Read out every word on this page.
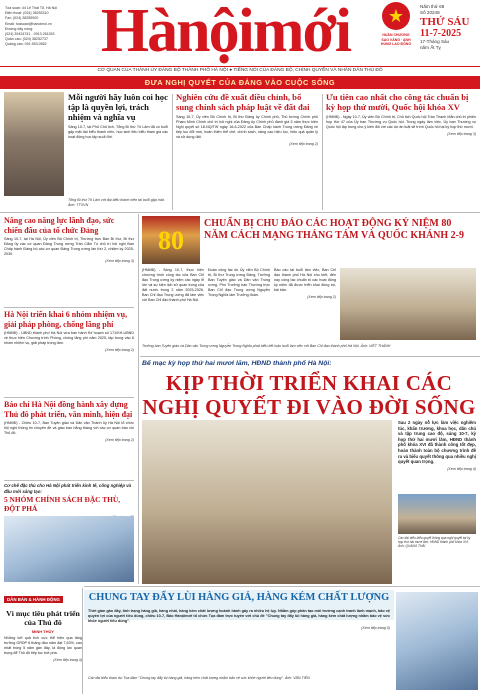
Tòa soạn: 44 Lê Thái Tổ, Hà Nội
Điện thoại: (024) 38253310
Fax: (024) 38255920
Email: toasoan@hanoimoi.vn
Đường dây nóng:
(024) 39424741 - 0913 261263
Quản cáo: (024) 38252737
Quảng cáo: 091.553.0552 Hànộimới	★
HUÂN CHƯƠNG SAO VÀNG · ANH HÙNG LAO ĐỘNG
Năm thứ 68
Số 20248
THỨ SÁU
11-7-2025
17-Tháng Sáu
năm Ất Tỵ
CƠ QUAN CỦA THÀNH ỦY ĐẢNG BỘ THÀNH PHỐ HÀ NỘI ● TIẾNG NÓI CỦA ĐẢNG BỘ, CHÍNH QUYỀN VÀ NHÂN DÂN THỦ ĐÔ
ĐƯA NGHỊ QUYẾT CỦA ĐẢNG VÀO CUỘC SỐNG
Mỗi người hãy luôn coi học tập là quyền lợi, trách nhiệm và nghĩa vụ
Sáng 10-7, tại Phủ Chủ tịch, Tổng Bí thư Tô Lâm đã có buổi gặp mặt đại biểu thanh niên, học sinh tiêu biểu tham gia các hoạt động học tập suốt đời.
Tổng Bí thư Tô Lâm với đại biểu thanh niên tại buổi gặp mặt. Ảnh: TTXVN
Nghiên cứu đề xuất điều chỉnh, bổ sung chính sách pháp luật về đất đai
Sáng 10-7, Ủy viên Bộ Chính trị, Bí thư Đảng ủy Chính phủ, Thủ tướng Chính phủ Phạm Minh Chính chủ trì hội nghị của Đảng ủy Chính phủ đánh giá 5 năm thực hiện Nghị quyết số 18-NQ/TW ngày 16-6-2022 của Ban Chấp hành Trung ương Đảng về tiếp tục đổi mới, hoàn thiện thể chế, chính sách, nâng cao hiệu lực, hiệu quả quản lý và sử dụng đất.
(Xem tiếp trang 2)
Ưu tiên cao nhất cho công tác chuẩn bị kỳ họp thứ mười, Quốc hội khóa XV
(HNMĐ) - Ngày 10-7, Ủy viên Bộ Chính trị, Chủ tịch Quốc hội Trần Thanh Mẫn chủ trì phiên họp thứ 47 của Ủy ban Thường vụ Quốc hội. Trong ngày làm việc, Ủy ban Thường vụ Quốc hội tập trung cho ý kiến đối với các dự án luật sẽ trình Quốc hội tại kỳ họp thứ mười.
(Xem tiếp trang 3)
Nâng cao năng lực lãnh đạo, sức chiến đấu của tổ chức Đảng
Sáng 10-7, tại Hà Nội, Ủy viên Bộ Chính trị, Thường trực Ban Bí thư, Bí thư Đảng ủy các cơ quan Đảng Trung ương Trần Cẩm Tú chủ trì hội nghị Ban Chấp hành Đảng bộ các cơ quan Đảng Trung ương lần thứ 2, nhiệm kỳ 2025-2030.
(Xem tiếp trang 3)
Hà Nội triển khai 6 nhóm nhiệm vụ, giải pháp phòng, chống lãng phí
(HNMĐ) - UBND thành phố Hà Nội vừa ban hành Kế hoạch số 171/KH-UBND về thực hiện Chương trình Phòng, chống lãng phí năm 2025, tập trung vào 6 nhóm nhiệm vụ, giải pháp trọng tâm.
(Xem tiếp trang 2)
Báo chí Hà Nội đồng hành xây dựng Thủ đô phát triển, văn minh, hiện đại
(HNMĐ) - Chiều 10-7, Ban Tuyên giáo và Dân vận Thành ủy Hà Nội tổ chức hội nghị thông tin chuyên đề và giao ban hằng tháng với các cơ quan báo chí Thủ đô.
(Xem tiếp trang 2)
Cơ chế đặc thù cho Hà Nội phát triển kinh tế, công nghiệp và đầu mới sáng tạo:
5 NHÓM CHÍNH SÁCH ĐẶC THÙ, ĐỘT PHÁ
DÂN BÀN & HÀNH ĐỘNG
Vì mục tiêu phát triển của Thủ đô
MINH THỦY
Những kết quả tích cực thể hiện qua tăng trưởng GRDP 6 tháng đầu năm đạt 7,63%, cao nhất trong 5 năm gần đây, là động lực quan trọng để Thủ đô tiếp tục bứt phá.
(Xem tiếp trang 4)
80
CHUẨN BỊ CHU ĐÁO CÁC HOẠT ĐỘNG KỶ NIỆM 80 NĂM CÁCH MẠNG THÁNG TÁM VÀ QUỐC KHÁNH 2-9
(HNMĐ) - Sáng 10-7, thực hiện chương trình công tác của Ban Chỉ đạo Trung ương kỷ niệm các ngày lễ lớn và sự kiện lịch sử quan trọng của đất nước trong 2 năm 2025-2026, Ban Chỉ đạo Trung ương đã làm việc với Ban Chỉ đạo thành phố Hà Nội.
Đoàn công tác do Ủy viên Bộ Chính trị, Bí thư Trung ương Đảng, Trưởng Ban Tuyên giáo và Dân vận Trung ương, Phó Trưởng ban Thường trực Ban Chỉ đạo Trung ương Nguyễn Trọng Nghĩa làm Trưởng đoàn.
Báo cáo tại buổi làm việc, Ban Chỉ đạo thành phố Hà Nội cho biết, đến nay công tác chuẩn bị các hoạt động kỷ niệm đã được triển khai đồng bộ, bài bản.
(Xem tiếp trang 2)
Trưởng ban Tuyên giáo và Dân vận Trung ương Nguyễn Trọng Nghĩa phát biểu kết luận buổi làm việc với Ban Chỉ đạo thành phố Hà Nội. Ảnh: VIẾT THÀNH
Bế mạc kỳ họp thứ hai mươi lăm, HĐND thành phố Hà Nội:
KỊP THỜI TRIỂN KHAI CÁC NGHỊ QUYẾT ĐI VÀO ĐỜI SỐNG
Sau 2 ngày nỗ lực làm việc nghiêm túc, khẩn trương, khoa học, dân chủ và tập trung cao độ, sáng 10-7, kỳ họp thứ hai mươi lăm, HĐND thành phố khóa XVI đã thành công tốt đẹp, hoàn thành toàn bộ chương trình đề ra và biểu quyết thông qua nhiều nghị quyết quan trọng.
(Xem tiếp trang 4)
Các đại biểu biểu quyết thông qua nghị quyết tại kỳ họp thứ hai mươi lăm, HĐND thành phố khóa XVI. Ảnh: QUANG THÁI
CHUNG TAY ĐẨY LÙI HÀNG GIẢ, HÀNG KÉM CHẤT LƯỢNG
Thời gian gần đây, tình trạng hàng giả, hàng nhái, hàng kém chất lượng hoành hành gây ra nhiều hệ lụy. Nhằm góp phần tạo môi trường cạnh tranh lành mạnh, bảo vệ quyền lợi của người tiêu dùng, chiều 10-7, Báo Hànộimới tổ chức Tọa đàm trực tuyến với chủ đề "Chung tay đẩy lùi hàng giả, hàng kém chất lượng nhằm bảo vệ sức khỏe người tiêu dùng".
(Xem tiếp trang 5)
Các đại biểu tham dự Tọa đàm "Chung tay đẩy lùi hàng giả, hàng kém chất lượng nhằm bảo vệ sức khỏe người tiêu dùng". Ảnh: VĂN TIẾN
